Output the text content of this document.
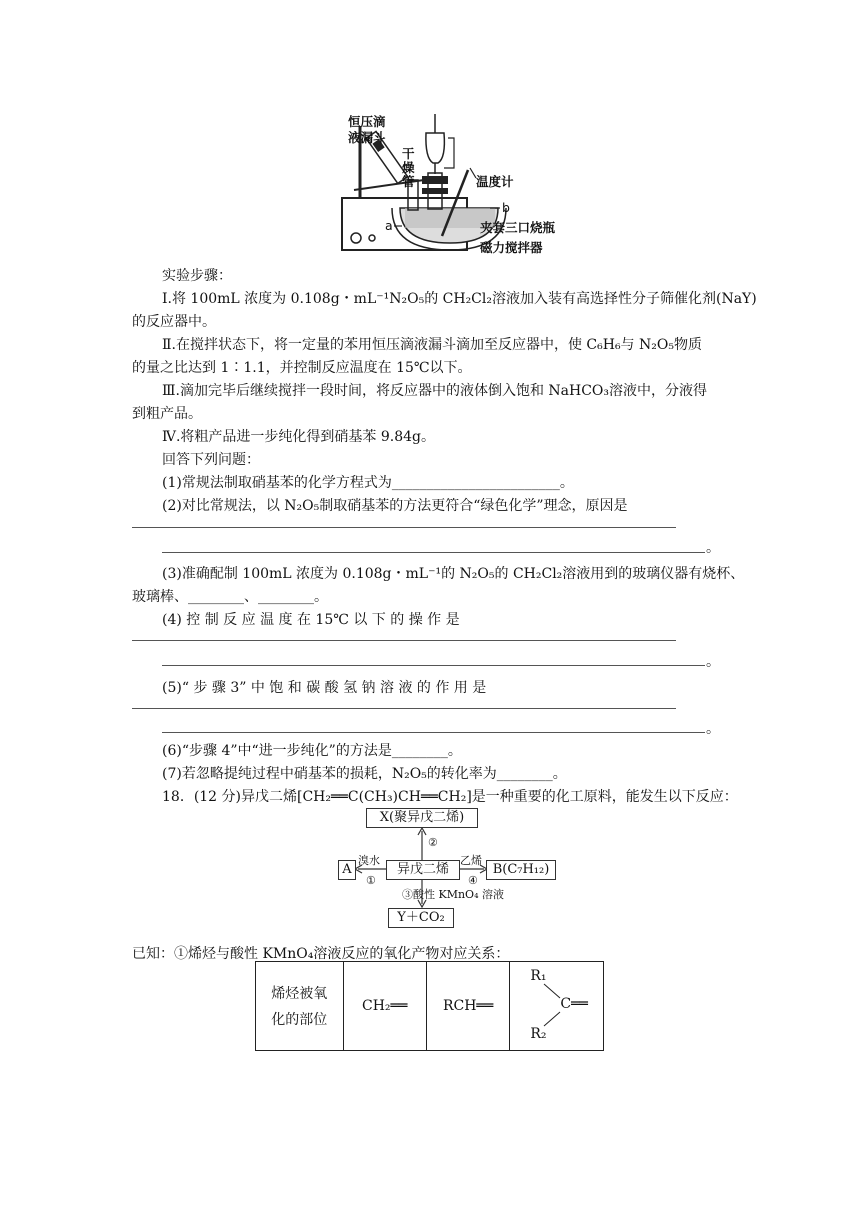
恒压滴
液漏斗
干
燥
管	温度计
b
a	夹套三口烧瓶
磁力搅拌器
实验步骤：
Ⅰ.将 100mL 浓度为 0.108g・mL⁻¹N₂O₅的 CH₂Cl₂溶液加入装有高选择性分子筛催化剂(NaY)
的反应器中。
Ⅱ.在搅拌状态下，将一定量的苯用恒压滴液漏斗滴加至反应器中，使 C₆H₆与 N₂O₅物质
的量之比达到 1∶1.1，并控制反应温度在 15℃以下。
Ⅲ.滴加完毕后继续搅拌一段时间，将反应器中的液体倒入饱和 NaHCO₃溶液中，分液得
到粗产品。
Ⅳ.将粗产品进一步纯化得到硝基苯 9.84g。
回答下列问题：
(1)常规法制取硝基苯的化学方程式为________________________。
(2)对比常规法，以 N₂O₅制取硝基苯的方法更符合“绿色化学”理念，原因是
。
(3)准确配制 100mL 浓度为 0.108g・mL⁻¹的 N₂O₅的 CH₂Cl₂溶液用到的玻璃仪器有烧杯、
玻璃棒、________、________。
(4) 控 制 反 应 温 度 在 15℃ 以 下 的 操 作 是
。
(5)“ 步 骤 3” 中 饱 和 碳 酸 氢 钠 溶 液 的 作 用 是
。
(6)“步骤 4”中“进一步纯化”的方法是________。
(7)若忽略提纯过程中硝基苯的损耗，N₂O₅的转化率为________。
18．(12 分)异戊二烯[CH₂══C(CH₃)CH══CH₂]是一种重要的化工原料，能发生以下反应：
X(聚异戊二烯)
②
溴水	乙烯
A	异戊二烯	B(C₇H₁₂)
①	④
③酸性 KMnO₄ 溶液
Y＋CO₂
已知：①烯烃与酸性 KMnO₄溶液反应的氧化产物对应关系：
烯烃被氧
化的部位
	CH₂══	RCH══	
R₁
C══
R₂
